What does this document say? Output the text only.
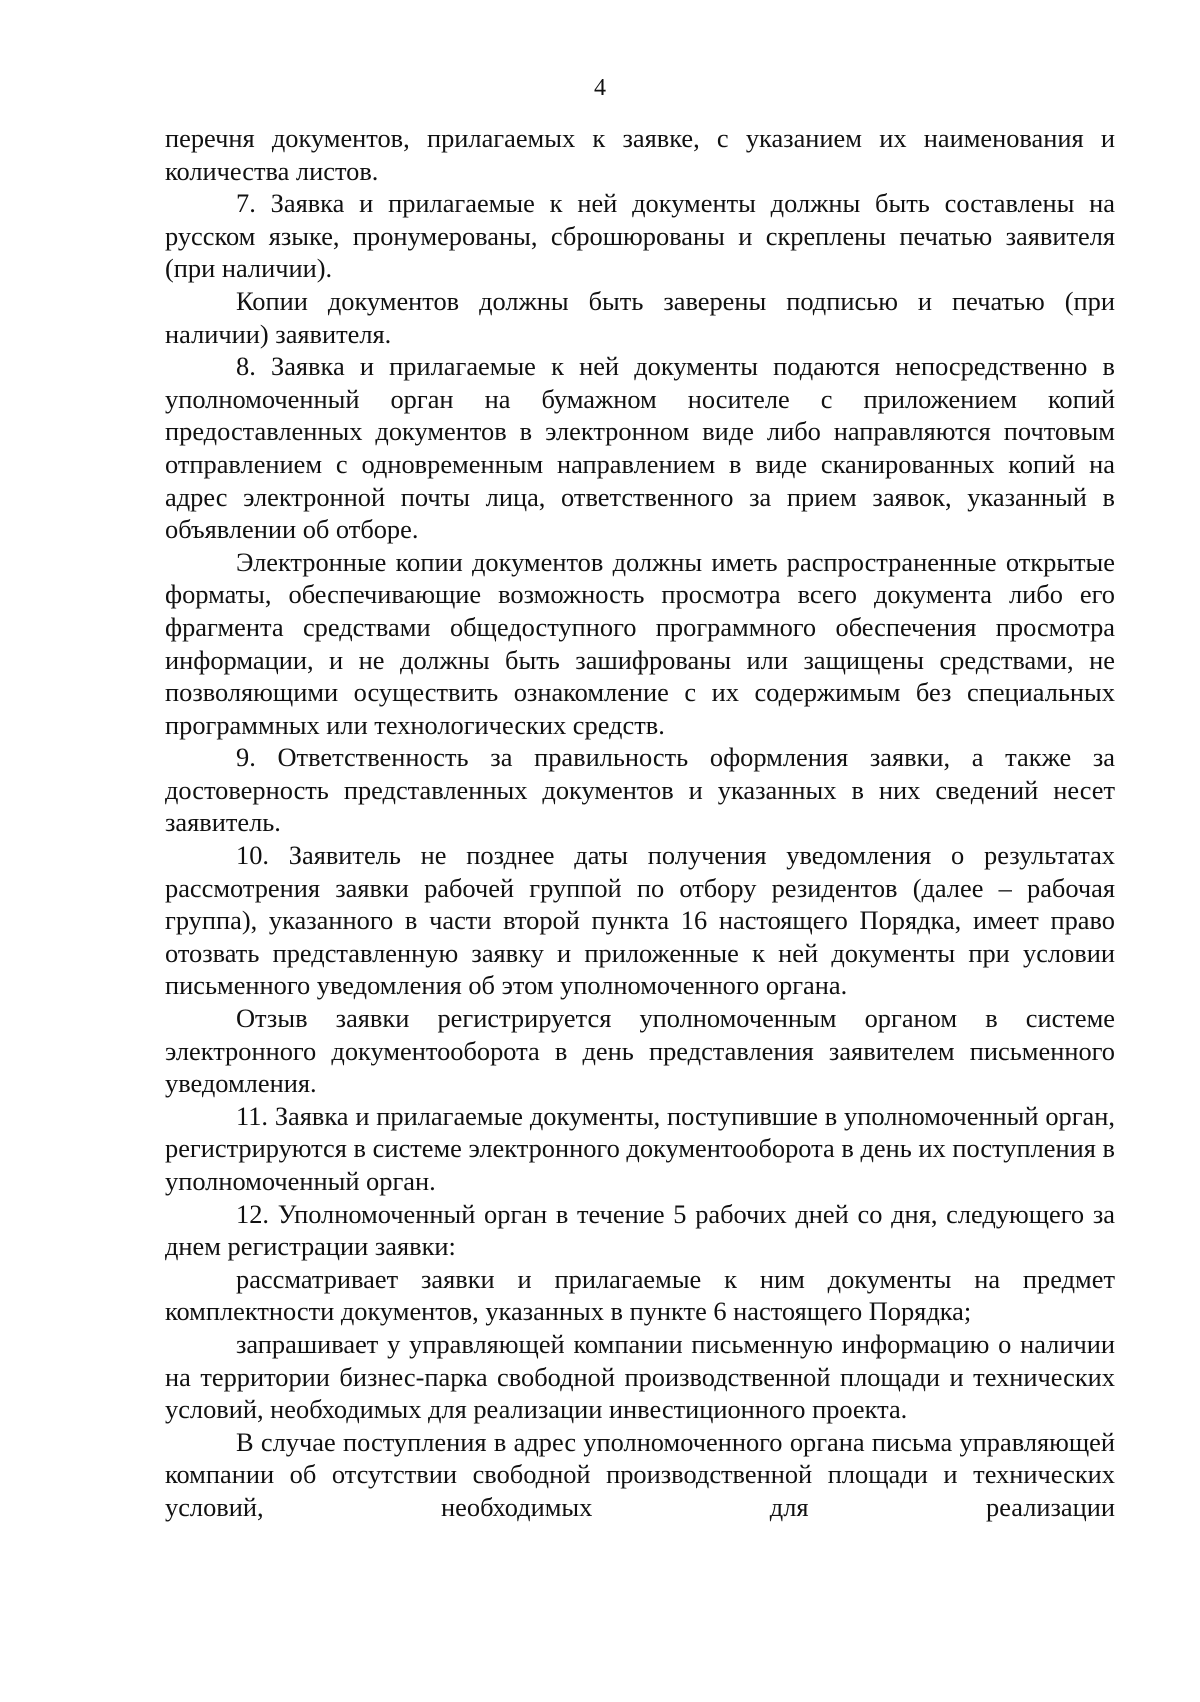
4

перечня документов, прилагаемых к заявке, с указанием их наименования и количества листов.

7. Заявка и прилагаемые к ней документы должны быть составлены на русском языке, пронумерованы, сброшюрованы и скреплены печатью заявителя (при наличии).

Копии документов должны быть заверены подписью и печатью (при наличии) заявителя.

8. Заявка и прилагаемые к ней документы подаются непосредственно в уполномоченный орган на бумажном носителе с приложением копий предоставленных документов в электронном виде либо направляются почтовым отправлением с одновременным направлением в виде сканированных копий на адрес электронной почты лица, ответственного за прием заявок, указанный в объявлении об отборе.

Электронные копии документов должны иметь распространенные открытые форматы, обеспечивающие возможность просмотра всего документа либо его фрагмента средствами общедоступного программного обеспечения просмотра информации, и не должны быть зашифрованы или защищены средствами, не позволяющими осуществить ознакомление с их содержимым без специальных программных или технологических средств.

9. Ответственность за правильность оформления заявки, а также за достоверность представленных документов и указанных в них сведений несет заявитель.

10. Заявитель не позднее даты получения уведомления о результатах рассмотрения заявки рабочей группой по отбору резидентов (далее – рабочая группа), указанного в части второй пункта 16 настоящего Порядка, имеет право отозвать представленную заявку и приложенные к ней документы при условии письменного уведомления об этом уполномоченного органа.

Отзыв заявки регистрируется уполномоченным органом в системе электронного документооборота в день представления заявителем письменного уведомления.

11. Заявка и прилагаемые документы, поступившие в уполномоченный орган, регистрируются в системе электронного документооборота в день их поступления в уполномоченный орган.

12. Уполномоченный орган в течение 5 рабочих дней со дня, следующего за днем регистрации заявки:

рассматривает заявки и прилагаемые к ним документы на предмет комплектности документов, указанных в пункте 6 настоящего Порядка;

запрашивает у управляющей компании письменную информацию о наличии на территории бизнес-парка свободной производственной площади и технических условий, необходимых для реализации инвестиционного проекта.

В случае поступления в адрес уполномоченного органа письма управляющей компании об отсутствии свободной производственной площади и технических условий, необходимых для реализации
